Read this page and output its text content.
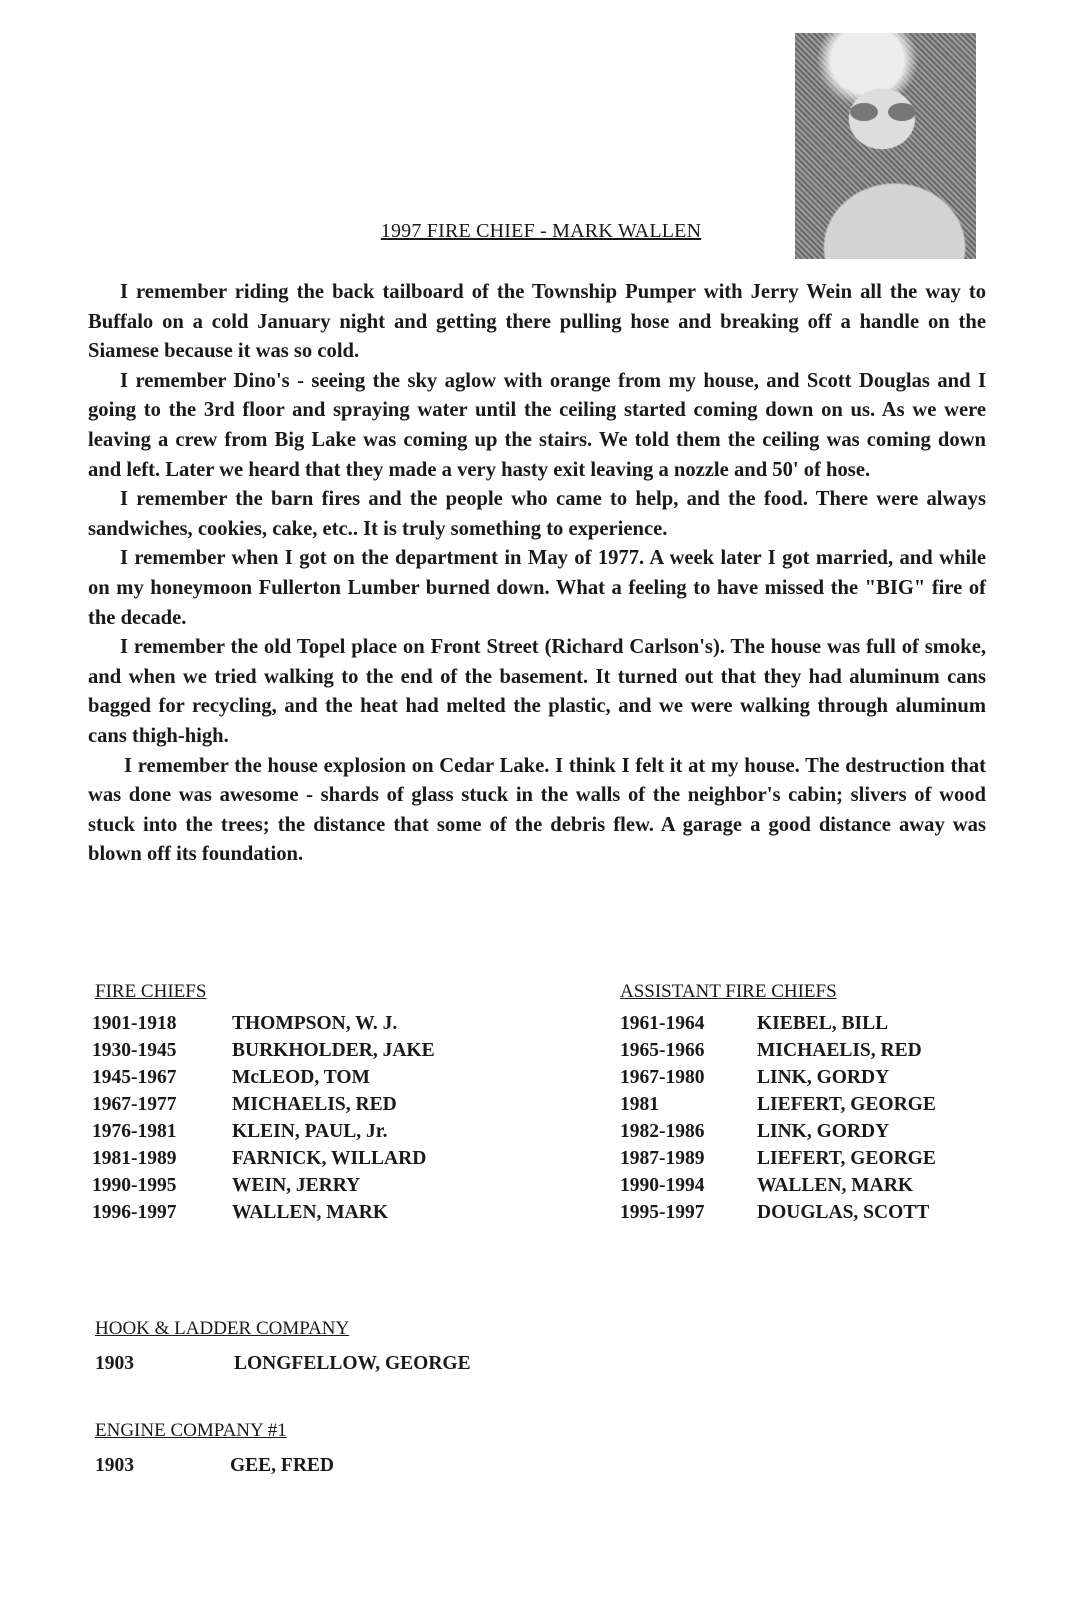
1997 FIRE CHIEF - MARK WALLEN

I remember riding the back tailboard of the Township Pumper with Jerry Wein all the way to Buffalo on a cold January night and getting there pulling hose and breaking off a handle on the Siamese because it was so cold.

I remember Dino's - seeing the sky aglow with orange from my house, and Scott Douglas and I going to the 3rd floor and spraying water until the ceiling started coming down on us. As we were leaving a crew from Big Lake was coming up the stairs. We told them the ceiling was coming down and left. Later we heard that they made a very hasty exit leaving a nozzle and 50' of hose.

I remember the barn fires and the people who came to help, and the food. There were always sandwiches, cookies, cake, etc.. It is truly something to experience.

I remember when I got on the department in May of 1977. A week later I got married, and while on my honeymoon Fullerton Lumber burned down. What a feeling to have missed the "BIG" fire of the decade.

I remember the old Topel place on Front Street (Richard Carlson's). The house was full of smoke, and when we tried walking to the end of the basement. It turned out that they had aluminum cans bagged for recycling, and the heat had melted the plastic, and we were walking through aluminum cans thigh-high.

I remember the house explosion on Cedar Lake. I think I felt it at my house. The destruction that was done was awesome - shards of glass stuck in the walls of the neighbor's cabin; slivers of wood stuck into the trees; the distance that some of the debris flew. A garage a good distance away was blown off its foundation.

FIRE CHIEFS
1901-1918	THOMPSON, W. J.
1930-1945	BURKHOLDER, JAKE
1945-1967	McLEOD, TOM
1967-1977	MICHAELIS, RED
1976-1981	KLEIN, PAUL, Jr.
1981-1989	FARNICK, WILLARD
1990-1995	WEIN, JERRY
1996-1997	WALLEN, MARK
ASSISTANT FIRE CHIEFS
1961-1964	KIEBEL, BILL
1965-1966	MICHAELIS, RED
1967-1980	LINK, GORDY
1981	LIEFERT, GEORGE
1982-1986	LINK, GORDY
1987-1989	LIEFERT, GEORGE
1990-1994	WALLEN, MARK
1995-1997	DOUGLAS, SCOTT
HOOK & LADDER COMPANY
1903	LONGFELLOW, GEORGE
ENGINE COMPANY #1
1903	GEE, FRED
